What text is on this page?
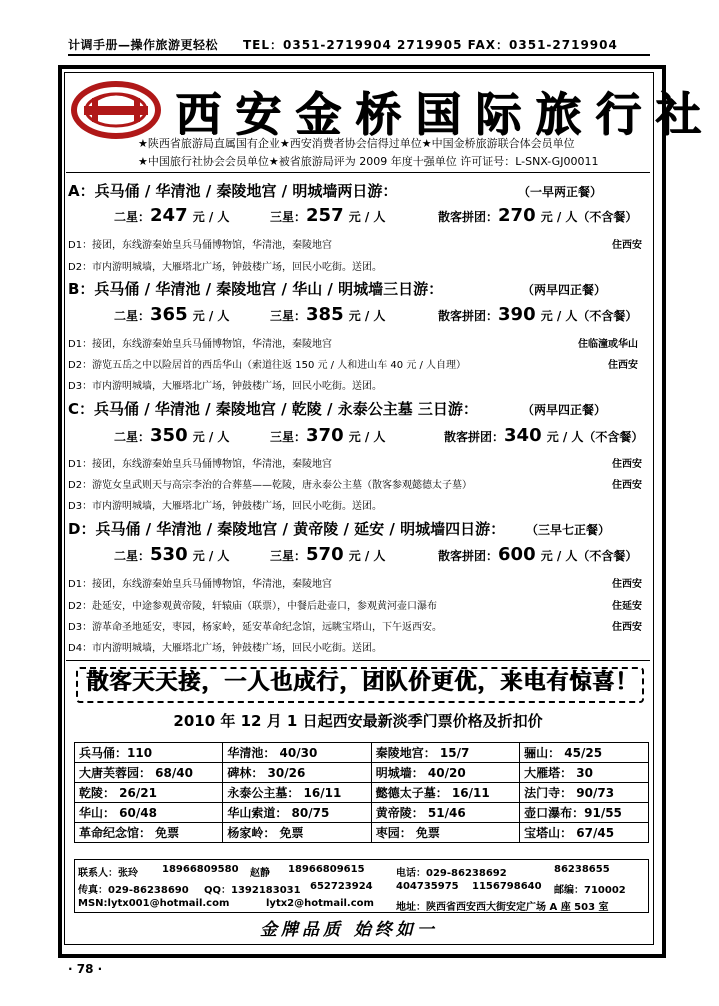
计调手册—操作旅游更轻松 TEL：0351-2719904 2719905 FAX：0351-2719904
西安金桥国际旅行社
★陕西省旅游局直属国有企业★西安消费者协会信得过单位★中国金桥旅游联合体会员单位
★中国旅行社协会会员单位★被省旅游局评为 2009 年度十强单位 许可证号：L-SNX-GJ00011
A：兵马俑 / 华清池 / 秦陵地宫 / 明城墙两日游：	（一早两正餐）
二星：247 元 / 人	三星：257 元 / 人	散客拼团：270 元 / 人（不含餐）
D1：接团，东线游秦始皇兵马俑博物馆，华清池，秦陵地宫	住西安
D2：市内游明城墙，大雁塔北广场，钟鼓楼广场，回民小吃街。送团。
B：兵马俑 / 华清池 / 秦陵地宫 / 华山 / 明城墙三日游：	（两早四正餐）
二星：365 元 / 人	三星：385 元 / 人	散客拼团：390 元 / 人（不含餐）
D1：接团，东线游秦始皇兵马俑博物馆，华清池，秦陵地宫	住临潼或华山
D2：游览五岳之中以险居首的西岳华山（索道往返 150 元 / 人和进山车 40 元 / 人自理）	住西安
D3：市内游明城墙，大雁塔北广场，钟鼓楼广场，回民小吃街。送团。
C：兵马俑 / 华清池 / 秦陵地宫 / 乾陵 / 永泰公主墓 三日游：	（两早四正餐）
二星：350 元 / 人	三星：370 元 / 人	散客拼团：340 元 / 人（不含餐）
D1：接团，东线游秦始皇兵马俑博物馆，华清池，秦陵地宫	住西安
D2：游览女皇武则天与高宗李治的合葬墓——乾陵，唐永泰公主墓（散客参观懿德太子墓）	住西安
D3：市内游明城墙，大雁塔北广场，钟鼓楼广场，回民小吃街。送团。
D：兵马俑 / 华清池 / 秦陵地宫 / 黄帝陵 / 延安 / 明城墙四日游： （三早七正餐）
二星：530 元 / 人	三星：570 元 / 人	散客拼团：600 元 / 人（不含餐）
D1：接团，东线游秦始皇兵马俑博物馆，华清池，秦陵地宫	住西安
D2：赴延安，中途参观黄帝陵，轩辕庙（联票），中餐后赴壶口，参观黄河壶口瀑布	住延安
D3：游革命圣地延安，枣园，杨家岭，延安革命纪念馆，远眺宝塔山，下午返西安。	住西安
D4：市内游明城墙，大雁塔北广场，钟鼓楼广场，回民小吃街。送团。
散客天天接，一人也成行，团队价更优，来电有惊喜！
2010 年 12 月 1 日起西安最新淡季门票价格及折扣价
兵马俑：110	华清池： 40/30	秦陵地宫： 15/7	骊山： 45/25
大唐芙蓉园： 68/40	碑林： 30/26	明城墙： 40/20	大雁塔： 30
乾陵： 26/21	永泰公主墓： 16/11	懿德太子墓： 16/11	法门寺： 90/73
华山： 60/48	华山索道： 80/75	黄帝陵： 51/46	壶口瀑布：91/55
革命纪念馆： 免票	杨家岭： 免票	枣园： 免票	宝塔山： 67/45
联系人：张玲 18966809580 赵静 18966809615	电话：029-86238692	86238655
传真：029-86238690 QQ：1392183031 652723924 404735975 1156798640 邮编：710002
MSN:lytx001@hotmail.com	lytx2@hotmail.com 地址：陕西省西安西大街安定广场 A 座 503 室
金牌品质 始终如一
· 78 ·
